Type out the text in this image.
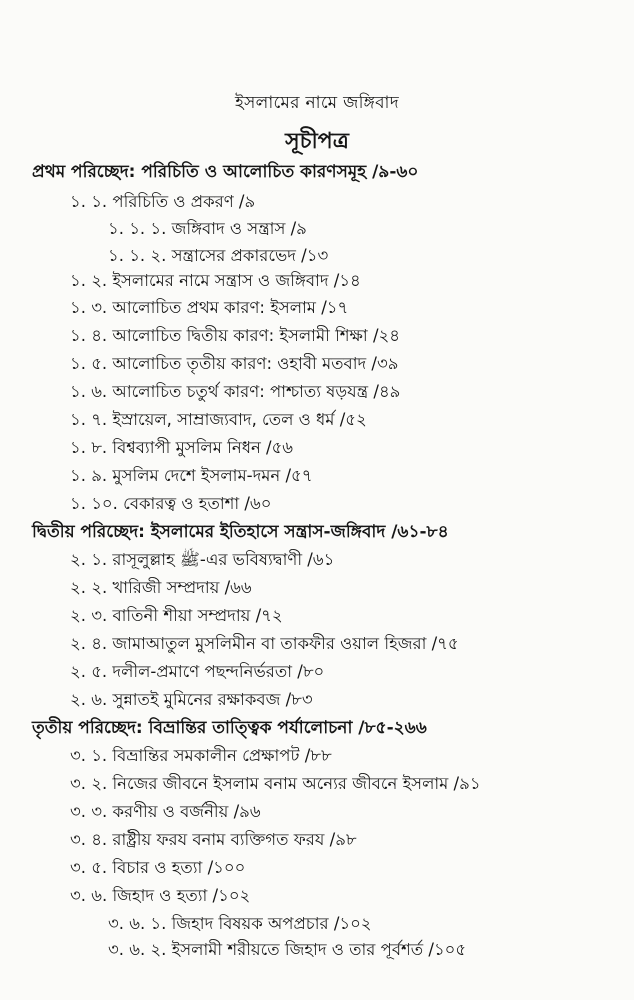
ইসলামের নামে জঙ্গিবাদ
সূচীপত্র
প্রথম পরিচ্ছেদ: পরিচিতি ও আলোচিত কারণসমূহ /৯-৬০
১. ১. পরিচিতি ও প্রকরণ /৯
১. ১. ১. জঙ্গিবাদ ও সন্ত্রাস /৯
১. ১. ২. সন্ত্রাসের প্রকারভেদ /১৩
১. ২. ইসলামের নামে সন্ত্রাস ও জঙ্গিবাদ /১৪
১. ৩. আলোচিত প্রথম কারণ: ইসলাম /১৭
১. ৪. আলোচিত দ্বিতীয় কারণ: ইসলামী শিক্ষা /২৪
১. ৫. আলোচিত তৃতীয় কারণ: ওহাবী মতবাদ /৩৯
১. ৬. আলোচিত চতুর্থ কারণ: পাশ্চাত্য ষড়যন্ত্র /৪৯
১. ৭. ইস্রায়েল, সাম্রাজ্যবাদ, তেল ও ধর্ম /৫২
১. ৮. বিশ্বব্যাপী মুসলিম নিধন /৫৬
১. ৯. মুসলিম দেশে ইসলাম-দমন /৫৭
১. ১০. বেকারত্ব ও হতাশা /৬০
দ্বিতীয় পরিচ্ছেদ: ইসলামের ইতিহাসে সন্ত্রাস-জঙ্গিবাদ /৬১-৮৪
২. ১. রাসূলুল্লাহ ﷺ-এর ভবিষ্যদ্বাণী /৬১
২. ২. খারিজী সম্প্রদায় /৬৬
২. ৩. বাতিনী শীয়া সম্প্রদায় /৭২
২. ৪. জামাআতুল মুসলিমীন বা তাকফীর ওয়াল হিজরা /৭৫
২. ৫. দলীল-প্রমাণে পছন্দনির্ভরতা /৮০
২. ৬. সুন্নাতই মুমিনের রক্ষাকবজ /৮৩
তৃতীয় পরিচ্ছেদ: বিভ্রান্তির তাত্ত্বিক পর্যালোচনা /৮৫-২৬৬
৩. ১. বিভ্রান্তির সমকালীন প্রেক্ষাপট /৮৮
৩. ২. নিজের জীবনে ইসলাম বনাম অন্যের জীবনে ইসলাম /৯১
৩. ৩. করণীয় ও বর্জনীয় /৯৬
৩. ৪. রাষ্ট্রীয় ফরয বনাম ব্যক্তিগত ফরয /৯৮
৩. ৫. বিচার ও হত্যা /১০০
৩. ৬. জিহাদ ও হত্যা /১০২
৩. ৬. ১. জিহাদ বিষয়ক অপপ্রচার /১০২
৩. ৬. ২. ইসলামী শরীয়তে জিহাদ ও তার পূর্বশর্ত /১০৫
